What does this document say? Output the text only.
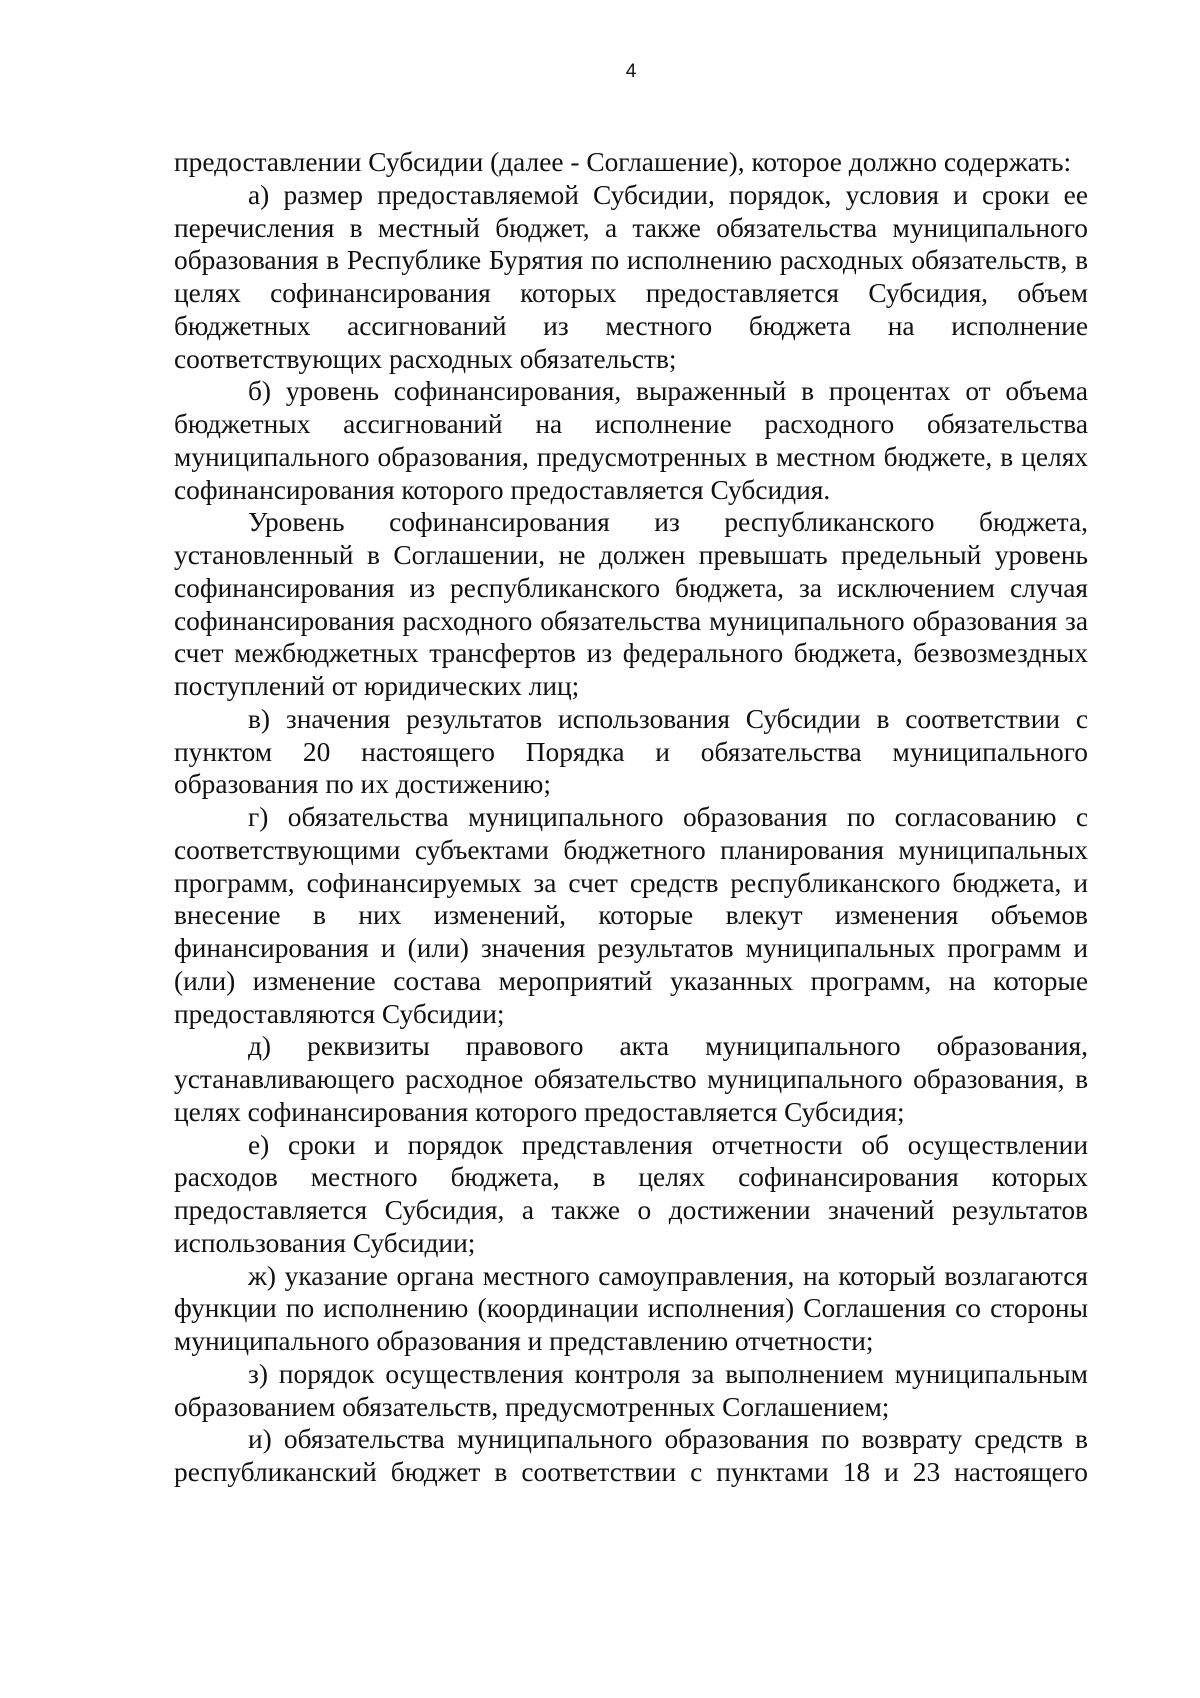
4

предоставлении Субсидии (далее - Соглашение), которое должно содержать:

а) размер предоставляемой Субсидии, порядок, условия и сроки ее перечисления в местный бюджет, а также обязательства муниципального образования в Республике Бурятия по исполнению расходных обязательств, в целях софинансирования которых предоставляется Субсидия, объем бюджетных ассигнований из местного бюджета на исполнение соответствующих расходных обязательств;

б) уровень софинансирования, выраженный в процентах от объема бюджетных ассигнований на исполнение расходного обязательства муниципального образования, предусмотренных в местном бюджете, в целях софинансирования которого предоставляется Субсидия.

Уровень софинансирования из республиканского бюджета, установленный в Соглашении, не должен превышать предельный уровень софинансирования из республиканского бюджета, за исключением случая софинансирования расходного обязательства муниципального образования за счет межбюджетных трансфертов из федерального бюджета, безвозмездных поступлений от юридических лиц;

в) значения результатов использования Субсидии в соответствии с пунктом 20 настоящего Порядка и обязательства муниципального образования по их достижению;

г) обязательства муниципального образования по согласованию с соответствующими субъектами бюджетного планирования муниципальных программ, софинансируемых за счет средств республиканского бюджета, и внесение в них изменений, которые влекут изменения объемов финансирования и (или) значения результатов муниципальных программ и (или) изменение состава мероприятий указанных программ, на которые предоставляются Субсидии;

д) реквизиты правового акта муниципального образования, устанавливающего расходное обязательство муниципального образования, в целях софинансирования которого предоставляется Субсидия;

е) сроки и порядок представления отчетности об осуществлении расходов местного бюджета, в целях софинансирования которых предоставляется Субсидия, а также о достижении значений результатов использования Субсидии;

ж) указание органа местного самоуправления, на который возлагаются функции по исполнению (координации исполнения) Соглашения со стороны муниципального образования и представлению отчетности;

з) порядок осуществления контроля за выполнением муниципальным образованием обязательств, предусмотренных Соглашением;

и) обязательства муниципального образования по возврату средств в республиканский бюджет в соответствии с пунктами 18 и 23 настоящего
